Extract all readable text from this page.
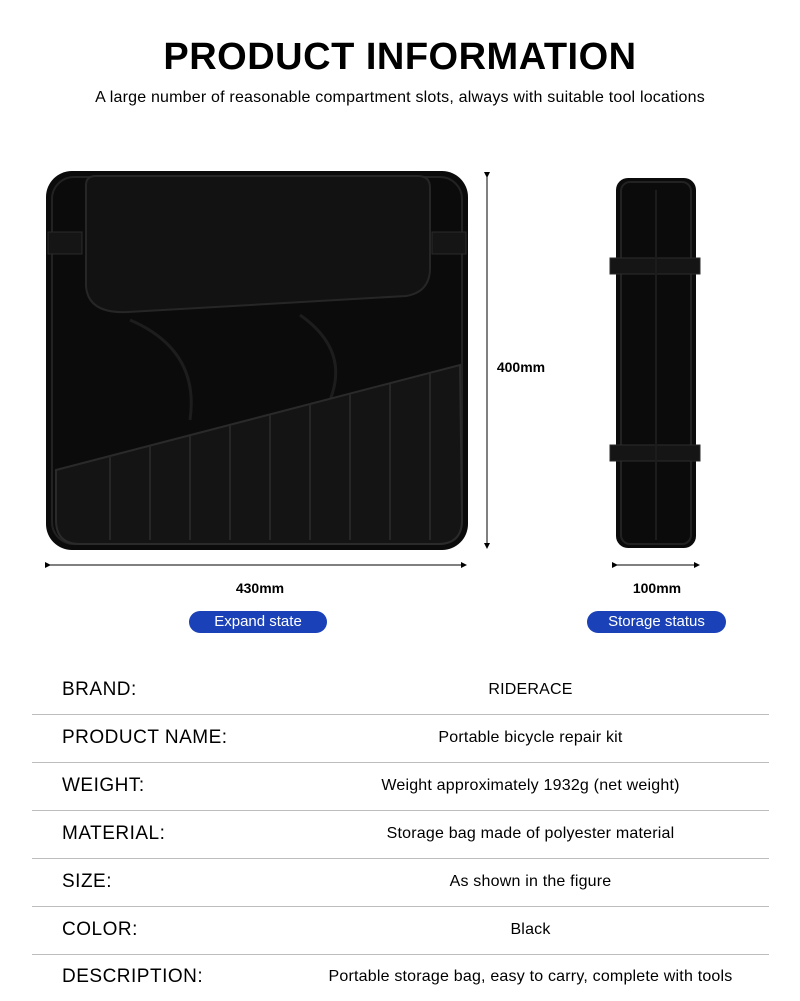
PRODUCT INFORMATION
A large number of reasonable compartment slots, always with suitable tool locations
400mm
430mm	100mm
Expand state	Storage status
BRAND:	RIDERACE
PRODUCT NAME:	Portable bicycle repair kit
WEIGHT:	Weight approximately 1932g (net weight)
MATERIAL:	Storage bag made of polyester material
SIZE:	As shown in the figure
COLOR:	Black
DESCRIPTION:	Portable storage bag, easy to carry, complete with tools
